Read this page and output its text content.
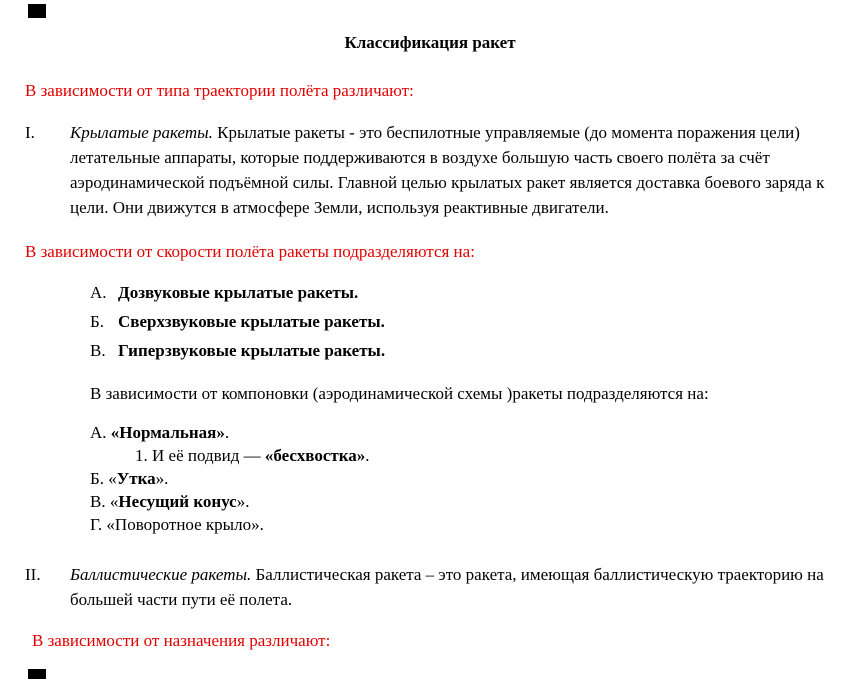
Классификация ракет

В зависимости от типа траектории полёта различают:

I.	Крылатые ракеты. Крылатые ракеты - это беспилотные управляемые (до момента поражения цели) летательные аппараты, которые поддерживаются в воздухе большую часть своего полёта за счёт аэродинамической подъёмной силы. Главной целью крылатых ракет является доставка боевого заряда к цели. Они движутся в атмосфере Земли, используя реактивные двигатели.

В зависимости от скорости полёта ракеты подразделяются на:

А. Дозвуковые крылатые ракеты.
Б. Сверхзвуковые крылатые ракеты.
В. Гиперзвуковые крылатые ракеты.

В зависимости от компоновки (аэродинамической схемы )ракеты подразделяются на:

А. «Нормальная».
1. И её подвид — «бесхвостка».
Б. «Утка».
В. «Несущий конус».
Г. «Поворотное крыло».
II.	Баллистические ракеты. Баллистическая ракета – это ракета, имеющая баллистическую траекторию на большей части пути её полета.

В зависимости от назначения различают:
